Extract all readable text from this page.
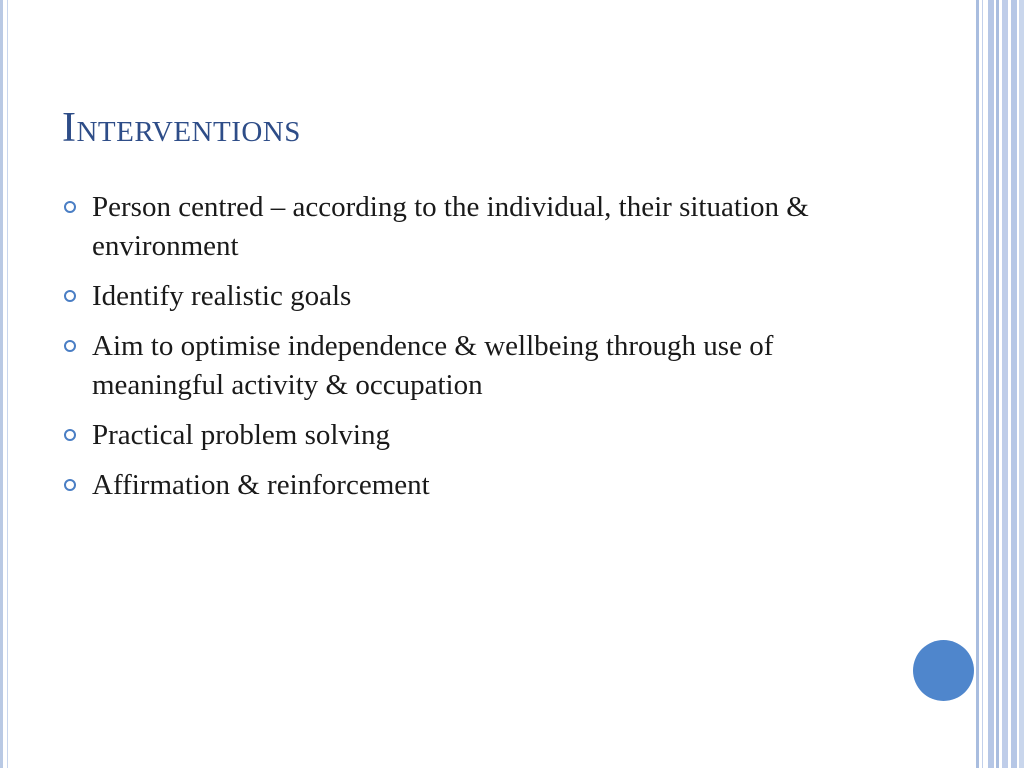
Interventions
Person centred – according to the individual, their situation & environment
Identify realistic goals
Aim to optimise independence & wellbeing through use of meaningful activity & occupation
Practical problem solving
Affirmation & reinforcement
